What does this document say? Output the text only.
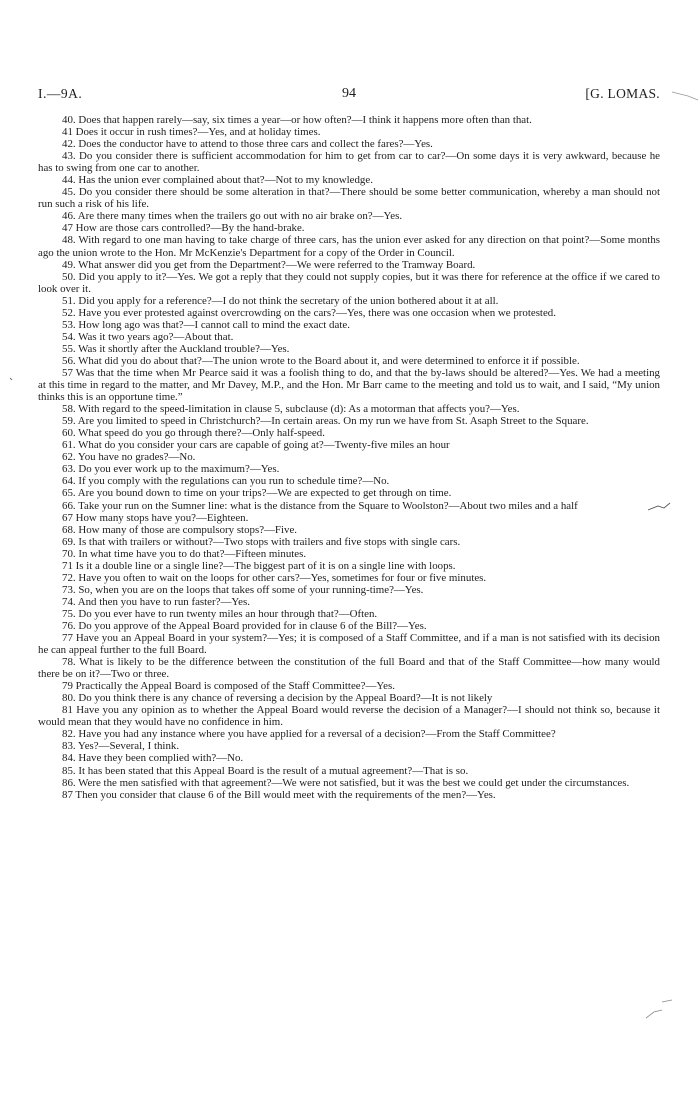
I.—9A.	94	[G. LOMAS.

40. Does that happen rarely—say, six times a year—or how often?—I think it happens more often than that.

41 Does it occur in rush times?—Yes, and at holiday times.

42. Does the conductor have to attend to those three cars and collect the fares?—Yes.

43. Do you consider there is sufficient accommodation for him to get from car to car?—On some days it is very awkward, because he has to swing from one car to another.

44. Has the union ever complained about that?—Not to my knowledge.

45. Do you consider there should be some alteration in that?—There should be some better communication, whereby a man should not run such a risk of his life.

46. Are there many times when the trailers go out with no air brake on?—Yes.

47 How are those cars controlled?—By the hand-brake.

48. With regard to one man having to take charge of three cars, has the union ever asked for any direction on that point?—Some months ago the union wrote to the Hon. Mr McKenzie's Department for a copy of the Order in Council.

49. What answer did you get from the Department?—We were referred to the Tramway Board.

50. Did you apply to it?—Yes. We got a reply that they could not supply copies, but it was there for reference at the office if we cared to look over it.

51. Did you apply for a reference?—I do not think the secretary of the union bothered about it at all.

52. Have you ever protested against overcrowding on the cars?—Yes, there was one occasion when we protested.

53. How long ago was that?—I cannot call to mind the exact date.

54. Was it two years ago?—About that.

55. Was it shortly after the Auckland trouble?—Yes.

56. What did you do about that?—The union wrote to the Board about it, and were determined to enforce it if possible.

57 Was that the time when Mr Pearce said it was a foolish thing to do, and that the by-laws should be altered?—Yes. We had a meeting at this time in regard to the matter, and Mr Davey, M.P., and the Hon. Mr Barr came to the meeting and told us to wait, and I said, “My union thinks this is an opportune time.”

58. With regard to the speed-limitation in clause 5, subclause (d): As a motorman that affects you?—Yes.

59. Are you limited to speed in Christchurch?—In certain areas. On my run we have from St. Asaph Street to the Square.

60. What speed do you go through there?—Only half-speed.

61. What do you consider your cars are capable of going at?—Twenty-five miles an hour

62. You have no grades?—No.

63. Do you ever work up to the maximum?—Yes.

64. If you comply with the regulations can you run to schedule time?—No.

65. Are you bound down to time on your trips?—We are expected to get through on time.

66. Take your run on the Sumner line: what is the distance from the Square to Woolston?—About two miles and a half

67 How many stops have you?—Eighteen.

68. How many of those are compulsory stops?—Five.

69. Is that with trailers or without?—Two stops with trailers and five stops with single cars.

70. In what time have you to do that?—Fifteen minutes.

71 Is it a double line or a single line?—The biggest part of it is on a single line with loops.

72. Have you often to wait on the loops for other cars?—Yes, sometimes for four or five minutes.

73. So, when you are on the loops that takes off some of your running-time?—Yes.

74. And then you have to run faster?—Yes.

75. Do you ever have to run twenty miles an hour through that?—Often.

76. Do you approve of the Appeal Board provided for in clause 6 of the Bill?—Yes.

77 Have you an Appeal Board in your system?—Yes; it is composed of a Staff Committee, and if a man is not satisfied with its decision he can appeal further to the full Board.

78. What is likely to be the difference between the constitution of the full Board and that of the Staff Committee—how many would there be on it?—Two or three.

79 Practically the Appeal Board is composed of the Staff Committee?—Yes.

80. Do you think there is any chance of reversing a decision by the Appeal Board?—It is not likely

81 Have you any opinion as to whether the Appeal Board would reverse the decision of a Manager?—I should not think so, because it would mean that they would have no confidence in him.

82. Have you had any instance where you have applied for a reversal of a decision?—From the Staff Committee?

83. Yes?—Several, I think.

84. Have they been complied with?—No.

85. It has been stated that this Appeal Board is the result of a mutual agreement?—That is so.

86. Were the men satisfied with that agreement?—We were not satisfied, but it was the best we could get under the circumstances.

87 Then you consider that clause 6 of the Bill would meet with the requirements of the men?—Yes.
